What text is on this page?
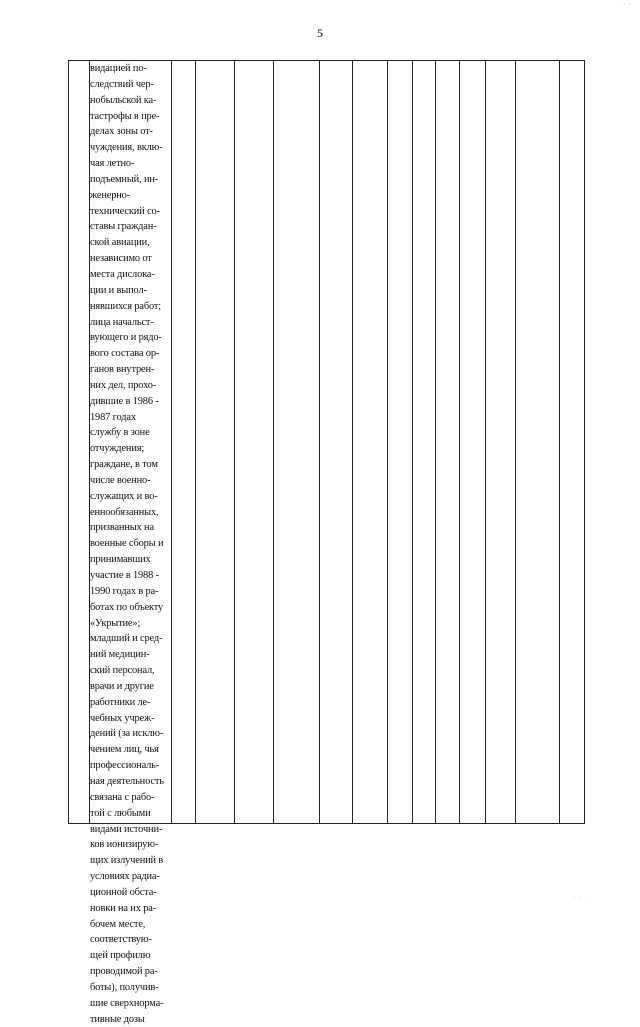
5
видацией по-
следствий чер-
нобыльской ка-
тастрофы в пре-
делах зоны от-
чуждения, вклю-
чая летно-
подъемный, ин-
женерно-
технический со-
ставы граждан-
ской авиации,
независимо от
места дислока-
ции и выпол-
нявшихся работ;
лица начальст-
вующего и рядо-
вого состава ор-
ганов внутрен-
них дел, прохо-
дившие в 1986 -
1987 годах
службу в зоне
отчуждения;
граждане, в том
числе военно-
служащих и во-
еннообязанных,
призванных на
военные сборы и
принимавших
участие в 1988 -
1990 годах в ра-
ботах по объекту
«Укрытие»;
младший и сред-
ний медицин-
ский персонал,
врачи и другие
работники ле-
чебных учреж-
дений (за исклю-
чением лиц, чья
профессиональ-
ная деятельность
связана с рабо-
той с любыми
видами источни-
ков ионизирую-
щих излучений в
условиях радиа-
ционной обста-
новки на их ра-
бочем месте,
соответствую-
щей профилю
проводимой ра-
боты), получив-
шие сверхнорма-
тивные дозы
· · ·
· · ·
